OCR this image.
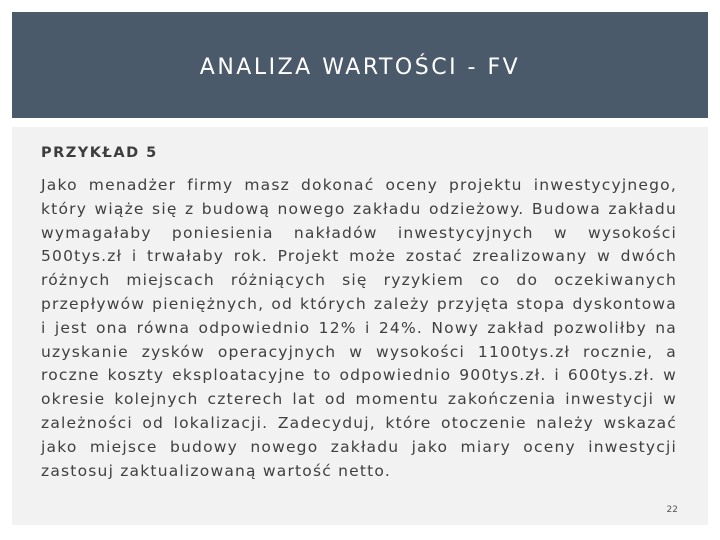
ANALIZA WARTOŚCI - FV
PRZYKŁAD 5

Jako menadżer firmy masz dokonać oceny projektu inwestycyjnego, który wiąże się z budową nowego zakładu odzieżowy. Budowa zakładu wymagałaby poniesienia nakładów inwestycyjnych w wysokości 500tys.zł i trwałaby rok. Projekt może zostać zrealizowany w dwóch różnych miejscach różniących się ryzykiem co do oczekiwanych przepływów pieniężnych, od których zależy przyjęta stopa dyskontowa i jest ona równa odpowiednio 12% i 24%. Nowy zakład pozwoliłby na uzyskanie zysków operacyjnych w wysokości 1100tys.zł rocznie, a roczne koszty eksploatacyjne to odpowiednio 900tys.zł. i 600tys.zł. w okresie kolejnych czterech lat od momentu zakończenia inwestycji w zależności od lokalizacji. Zadecyduj, które otoczenie należy wskazać jako miejsce budowy nowego zakładu jako miary oceny inwestycji zastosuj zaktualizowaną wartość netto.

22
